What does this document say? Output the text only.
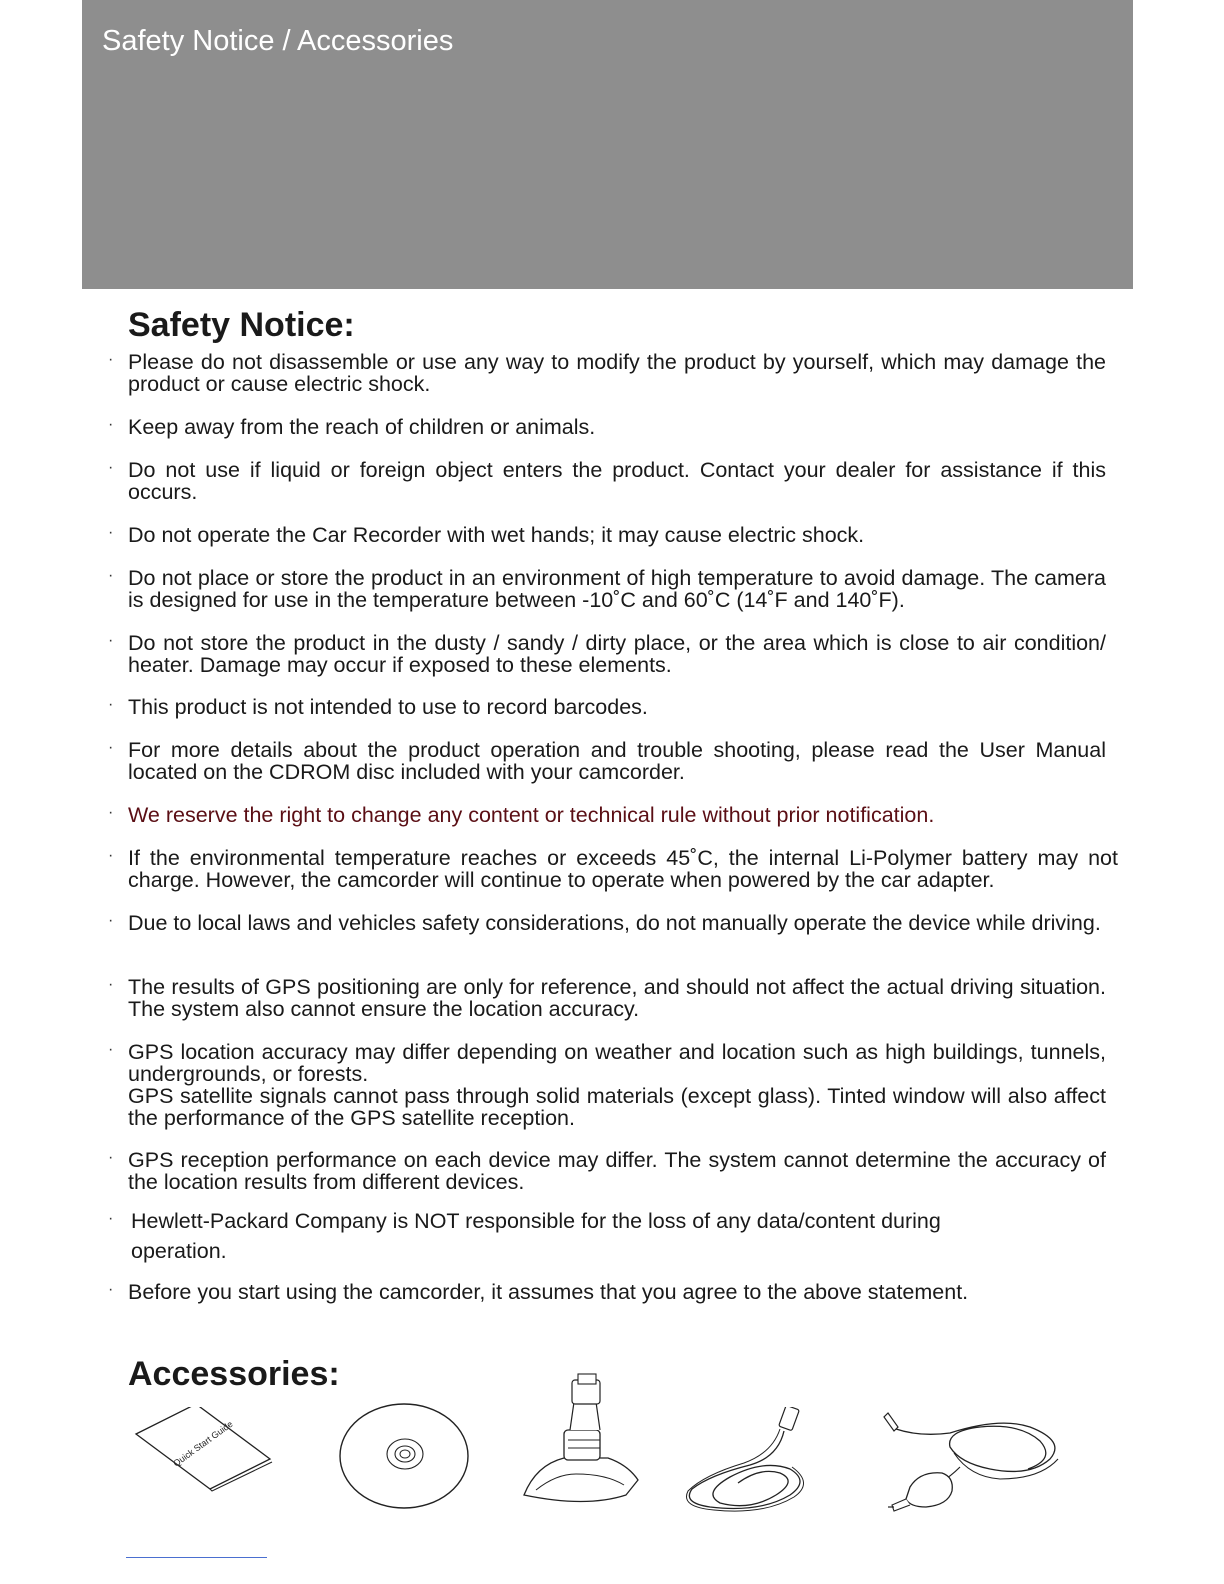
Safety Notice / Accessories
Safety Notice:
· Please do not disassemble or use any way to modify the product by yourself, which may damage the product or cause electric shock.

· Keep away from the reach of children or animals.

· Do not use if liquid or foreign object enters the product. Contact your dealer for assistance if this occurs.

· Do not operate the Car Recorder with wet hands; it may cause electric shock.

· Do not place or store the product in an environment of high temperature to avoid damage. The camera is designed for use in the temperature between -10˚C and 60˚C (14˚F and 140˚F).

· Do not store the product in the dusty / sandy / dirty place, or the area which is close to air condition/ heater. Damage may occur if exposed to these elements.

· This product is not intended to use to record barcodes.

· For more details about the product operation and trouble shooting, please read the User Manual located on the CDROM disc included with your camcorder.

· We reserve the right to change any content or technical rule without prior notification.

· If the environmental temperature reaches or exceeds 45˚C, the internal Li-Polymer battery may not charge. However, the camcorder will continue to operate when powered by the car adapter.

· Due to local laws and vehicles safety considerations, do not manually operate the device while driving.

· The results of GPS positioning are only for reference, and should not affect the actual driving situation. The system also cannot ensure the location accuracy.

· GPS location accuracy may differ depending on weather and location such as high buildings, tunnels, undergrounds, or forests.

GPS satellite signals cannot pass through solid materials (except glass). Tinted window will also affect the performance of the GPS satellite reception.

· GPS reception performance on each device may differ. The system cannot determine the accuracy of the location results from different devices.

· Hewlett-Packard Company is NOT responsible for the loss of any data/content during operation.

· Before you start using the camcorder, it assumes that you agree to the above statement.

Accessories:
Quick Start Guide
